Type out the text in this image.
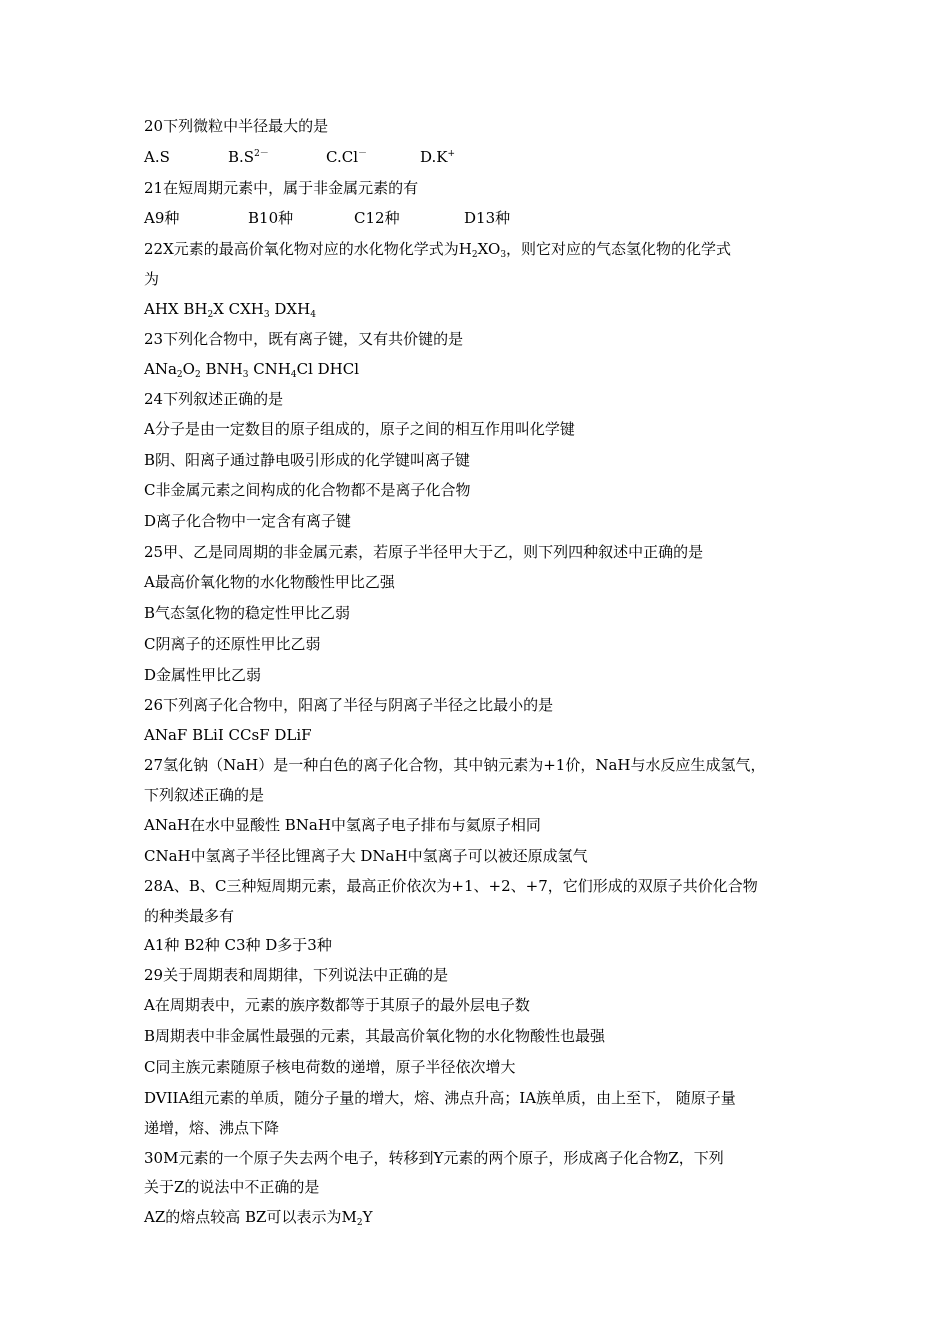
20下列微粒中半径最大的是
A.S	$B.S^{2-}$	C.Cl－	D.K+
21在短周期元素中，属于非金属元素的有
A9种	B10种	C12种	D13种
22X元素的最高价氧化物对应的水化物化学式为$H_2XO_3$，则它对应的气态氢化物的化学式
为
AHX $BH_2X$ $CXH_3$ $DXH_4$
23下列化合物中，既有离子键，又有共价键的是
$ANa_2O_2$ $BNH_3$ $CNH_4Cl$ DHCl
24下列叙述正确的是
A分子是由一定数目的原子组成的，原子之间的相互作用叫化学键
B阴、阳离子通过静电吸引形成的化学键叫离子键
C非金属元素之间构成的化合物都不是离子化合物
D离子化合物中一定含有离子键
25甲、乙是同周期的非金属元素，若原子半径甲大于乙，则下列四种叙述中正确的是
A最高价氧化物的水化物酸性甲比乙强
B气态氢化物的稳定性甲比乙弱
C阴离子的还原性甲比乙弱
D金属性甲比乙弱
26下列离子化合物中，阳离了半径与阴离子半径之比最小的是
ANaF BLiI CCsF DLiF
27氢化钠（NaH）是一种白色的离子化合物，其中钠元素为+1价，NaH与水反应生成氢气，
下列叙述正确的是
ANaH在水中显酸性 BNaH中氢离子电子排布与氦原子相同
CNaH中氢离子半径比锂离子大 DNaH中氢离子可以被还原成氢气
28A、B、C三种短周期元素，最高正价依次为+1、+2、+7，它们形成的双原子共价化合物
的种类最多有
A1种 B2种 C3种 D多于3种
29关于周期表和周期律，下列说法中正确的是
A在周期表中，元素的族序数都等于其原子的最外层电子数
B周期表中非金属性最强的元素，其最高价氧化物的水化物酸性也最强
C同主族元素随原子核电荷数的递增，原子半径依次增大
DVIIA组元素的单质，随分子量的增大，熔、沸点升高；IA族单质，由上至下， 随原子量
递增，熔、沸点下降
30M元素的一个原子失去两个电子，转移到Y元素的两个原子，形成离子化合物Z，下列
关于Z的说法中不正确的是
AZ的熔点较高 BZ可以表示为$M_2Y$
